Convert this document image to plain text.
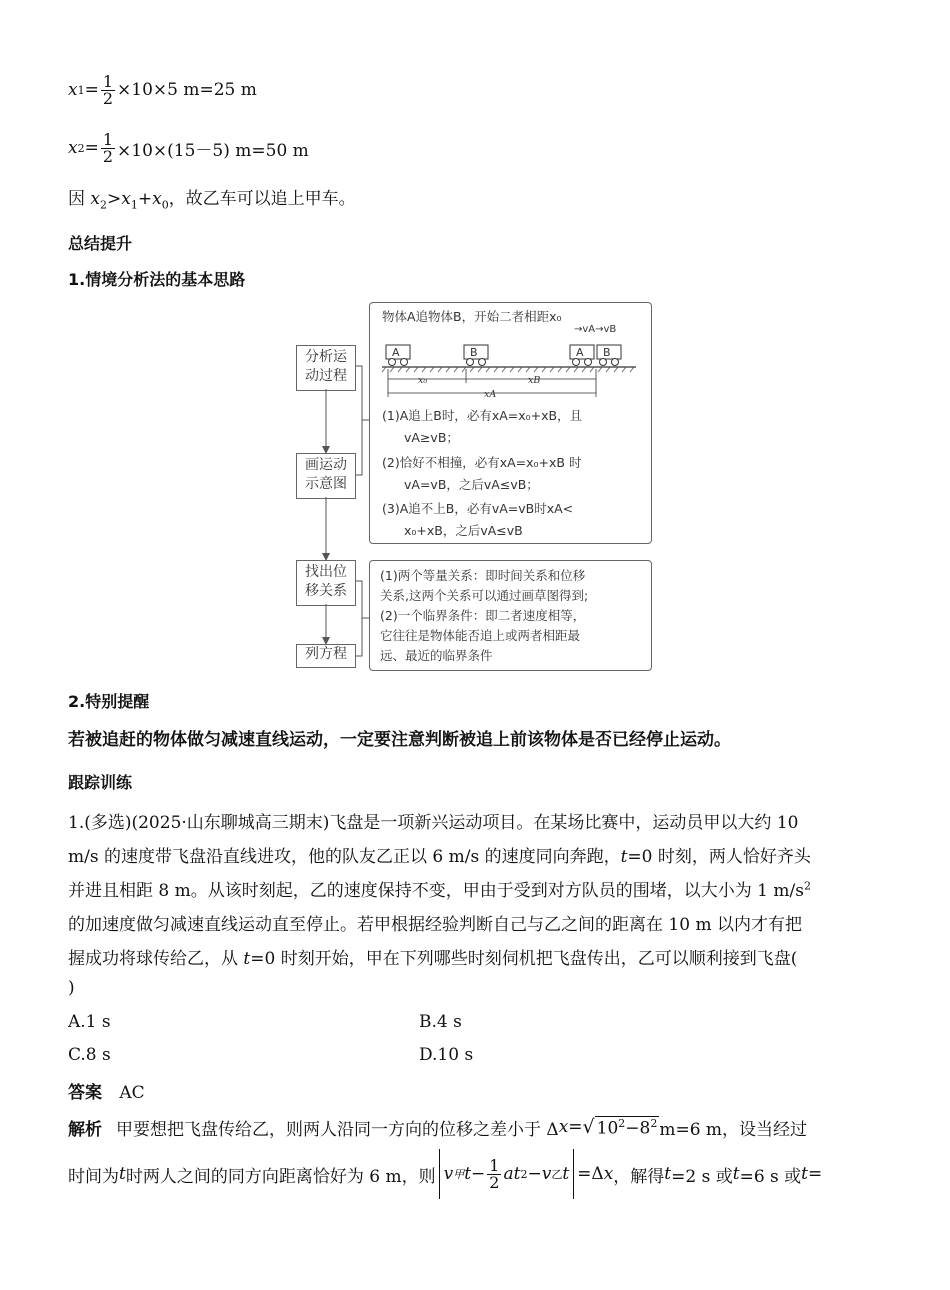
x $1 = \frac{1}{2} \times 10\times 5$ m=25 m
x $2 = \frac{1}{2} \times 10\times(15-5)$ m=50 m
因 $x_2>x_1+x_0$，故乙车可以追上甲车。
总结提升
1.情境分析法的基本思路
分析运
动过程
画运动
示意图
找出位
移关系
列方程
物体A追物体B，开始二者相距x₀
→vA→vB
A	B	A B
x₀	xB
xA
(1)A追上B时，必有xA=x₀+xB，且
vA≥vB；
(2)恰好不相撞，必有xA=x₀+xB 时
vA=vB，之后vA≤vB；
(3)A追不上B，必有vA=vB时xA<
x₀+xB，之后vA≤vB
(1)两个等量关系：即时间关系和位移
关系,这两个关系可以通过画草图得到;
(2)一个临界条件：即二者速度相等，
它往往是物体能否追上或两者相距最
远、最近的临界条件
2.特别提醒
若被追赶的物体做匀减速直线运动，一定要注意判断被追上前该物体是否已经停止运动。
跟踪训练
1.(多选)(2025·山东聊城高三期末)飞盘是一项新兴运动项目。在某场比赛中，运动员甲以大约 10
m/s 的速度带飞盘沿直线进攻，他的队友乙正以 6 m/s 的速度同向奔跑，t=0 时刻，两人恰好齐头
并进且相距 8 m。从该时刻起，乙的速度保持不变，甲由于受到对方队员的围堵，以大小为 1 $m/s^2$
的加速度做匀减速直线运动直至停止。若甲根据经验判断自己与乙之间的距离在 10 m 以内才有把
握成功将球传给乙，从 t=0 时刻开始，甲在下列哪些时刻伺机把飞盘传出，乙可以顺利接到飞盘(
)
A.1 s	B.4 s
C.8 s	D.10 s
答案 AC
解析 甲要想把飞盘传给乙，则两人沿同一方向的位移之差小于 Δ x = √ $10^2-8^2$ m=6 m，设当经过
时间为 t 时两人之间的同方向距离恰好为 6 m，则 v 甲 $t - \frac{1}{2}$ a t 2 − v 乙 t =Δ x ，解得 t =2 s 或 t =6 s 或 t =
